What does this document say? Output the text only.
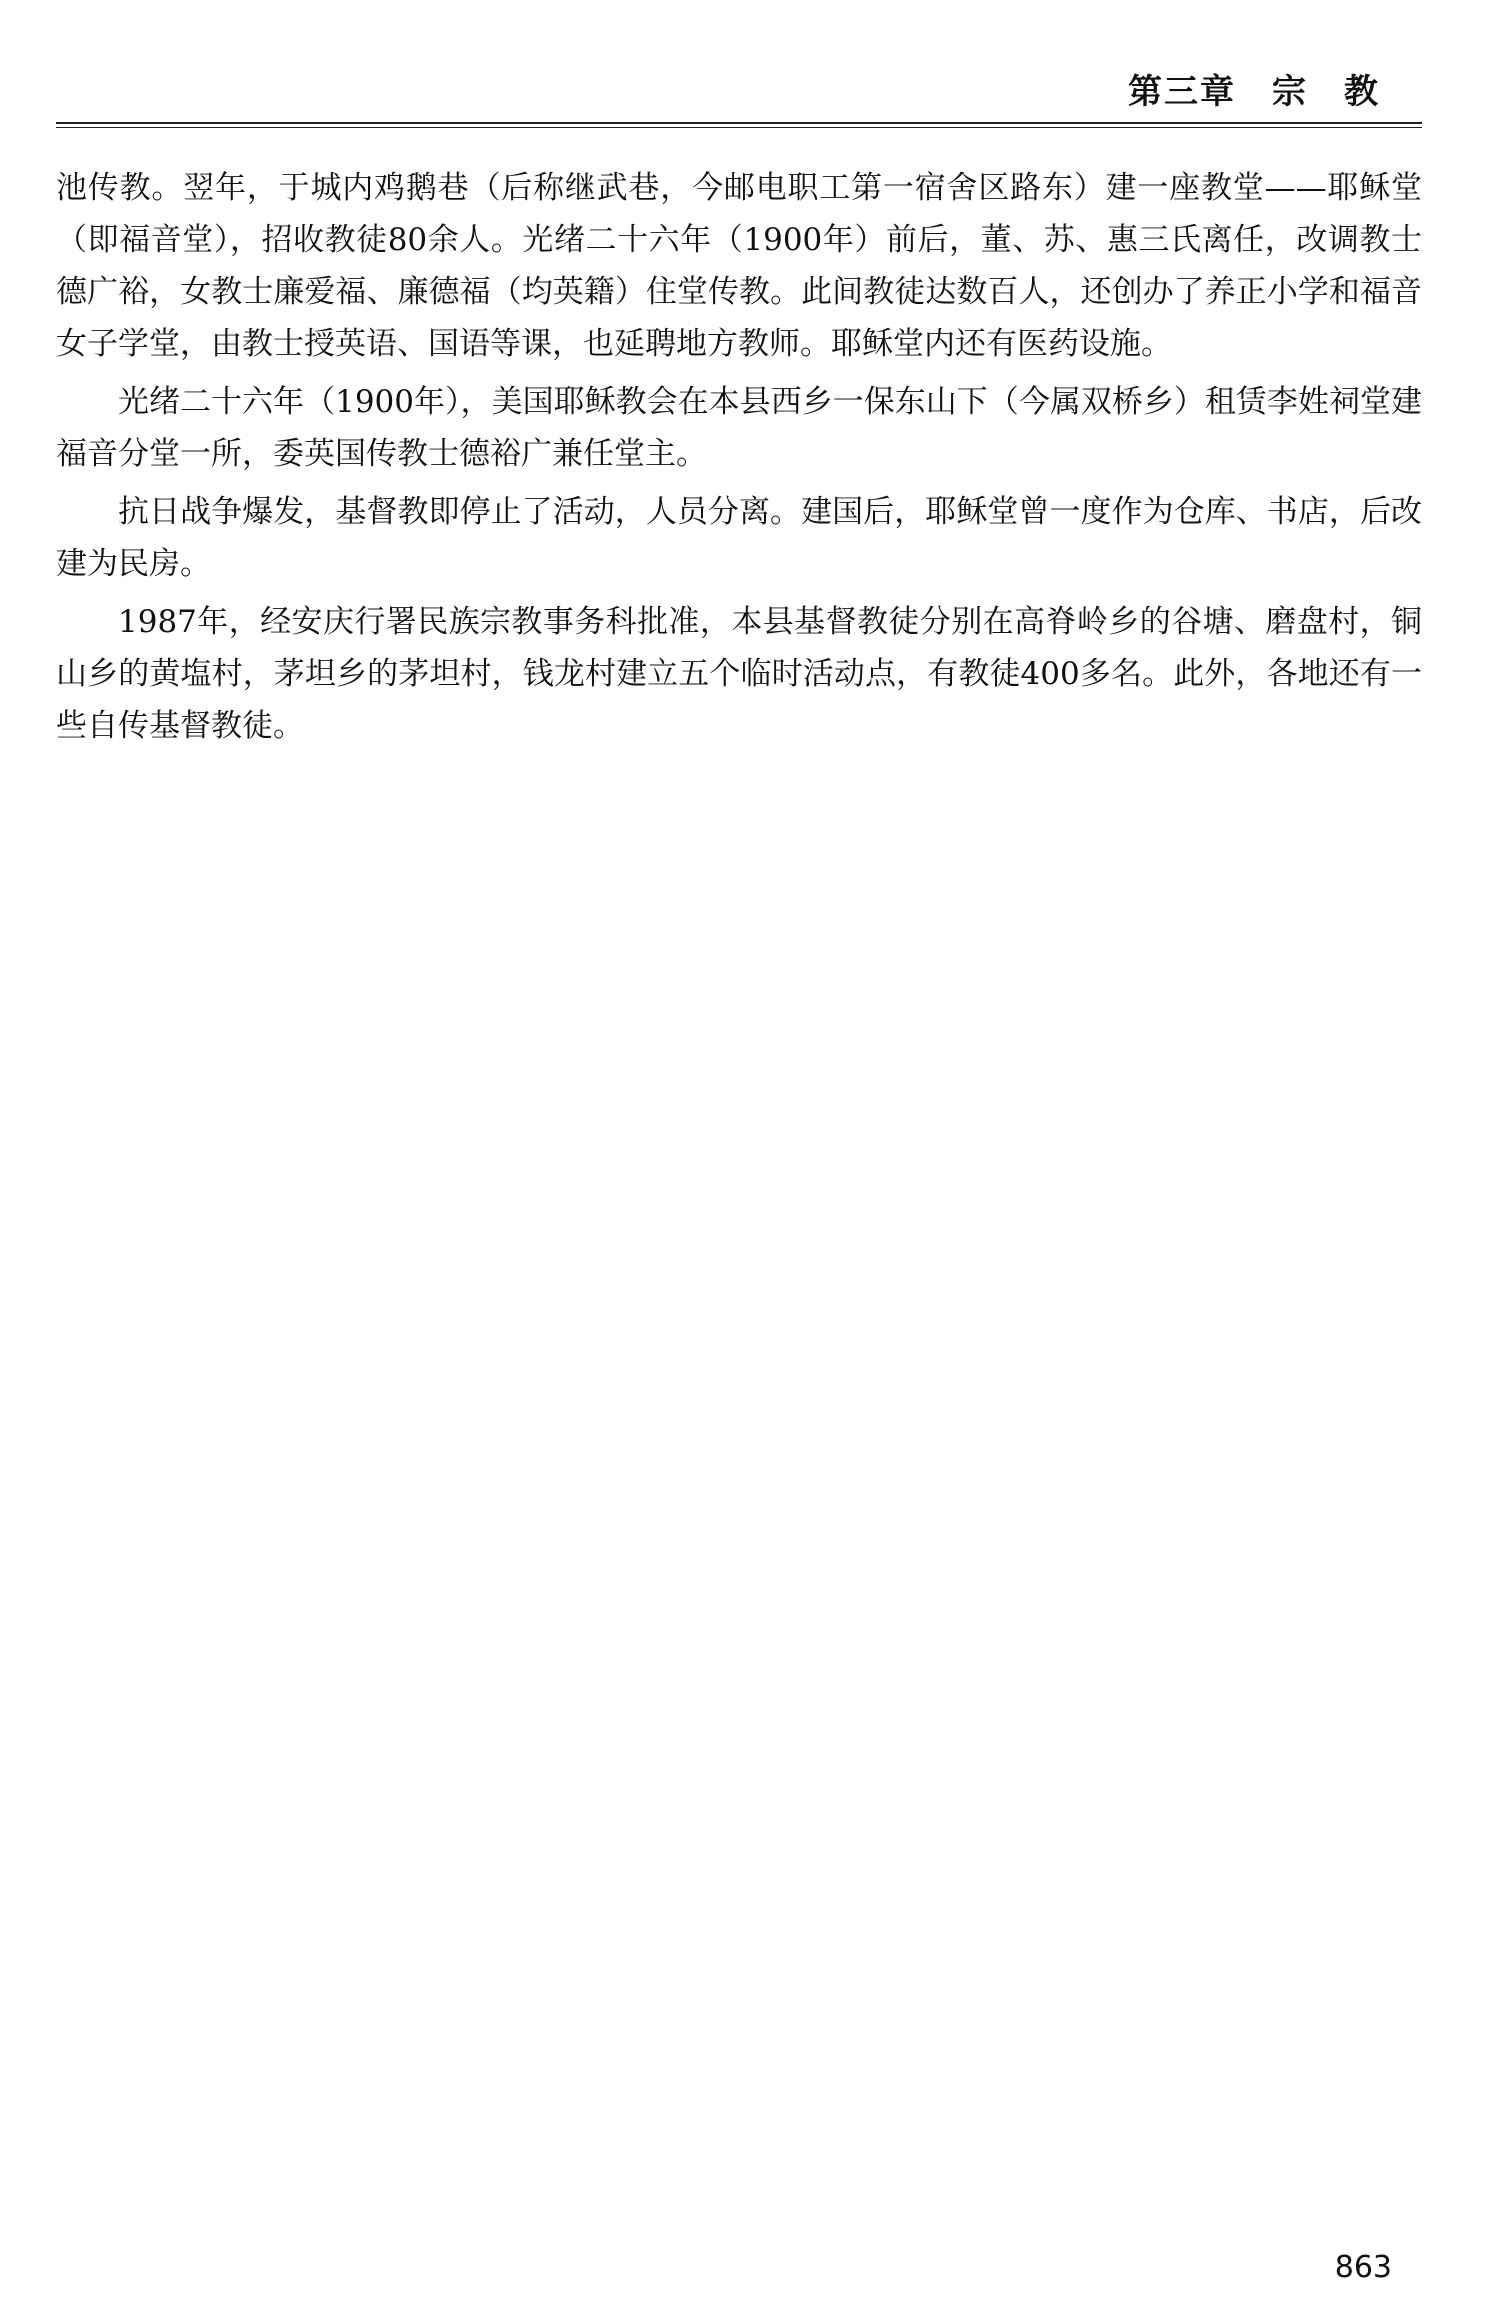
第三章　宗　教

池传教。翌年，于城内鸡鹅巷（后称继武巷，今邮电职工第一宿舍区路东）建一座教堂——耶稣堂（即福音堂），招收教徒80余人。光绪二十六年（1900年）前后，董、苏、惠三氏离任，改调教士德广裕，女教士廉爱福、廉德福（均英籍）住堂传教。此间教徒达数百人，还创办了养正小学和福音女子学堂，由教士授英语、国语等课，也延聘地方教师。耶稣堂内还有医药设施。

光绪二十六年（1900年），美国耶稣教会在本县西乡一保东山下（今属双桥乡）租赁李姓祠堂建福音分堂一所，委英国传教士德裕广兼任堂主。

抗日战争爆发，基督教即停止了活动，人员分离。建国后，耶稣堂曾一度作为仓库、书店，后改建为民房。

1987年，经安庆行署民族宗教事务科批准，本县基督教徒分别在高脊岭乡的谷塘、磨盘村，铜山乡的黄塩村，茅坦乡的茅坦村，钱龙村建立五个临时活动点，有教徒400多名。此外，各地还有一些自传基督教徒。

863
